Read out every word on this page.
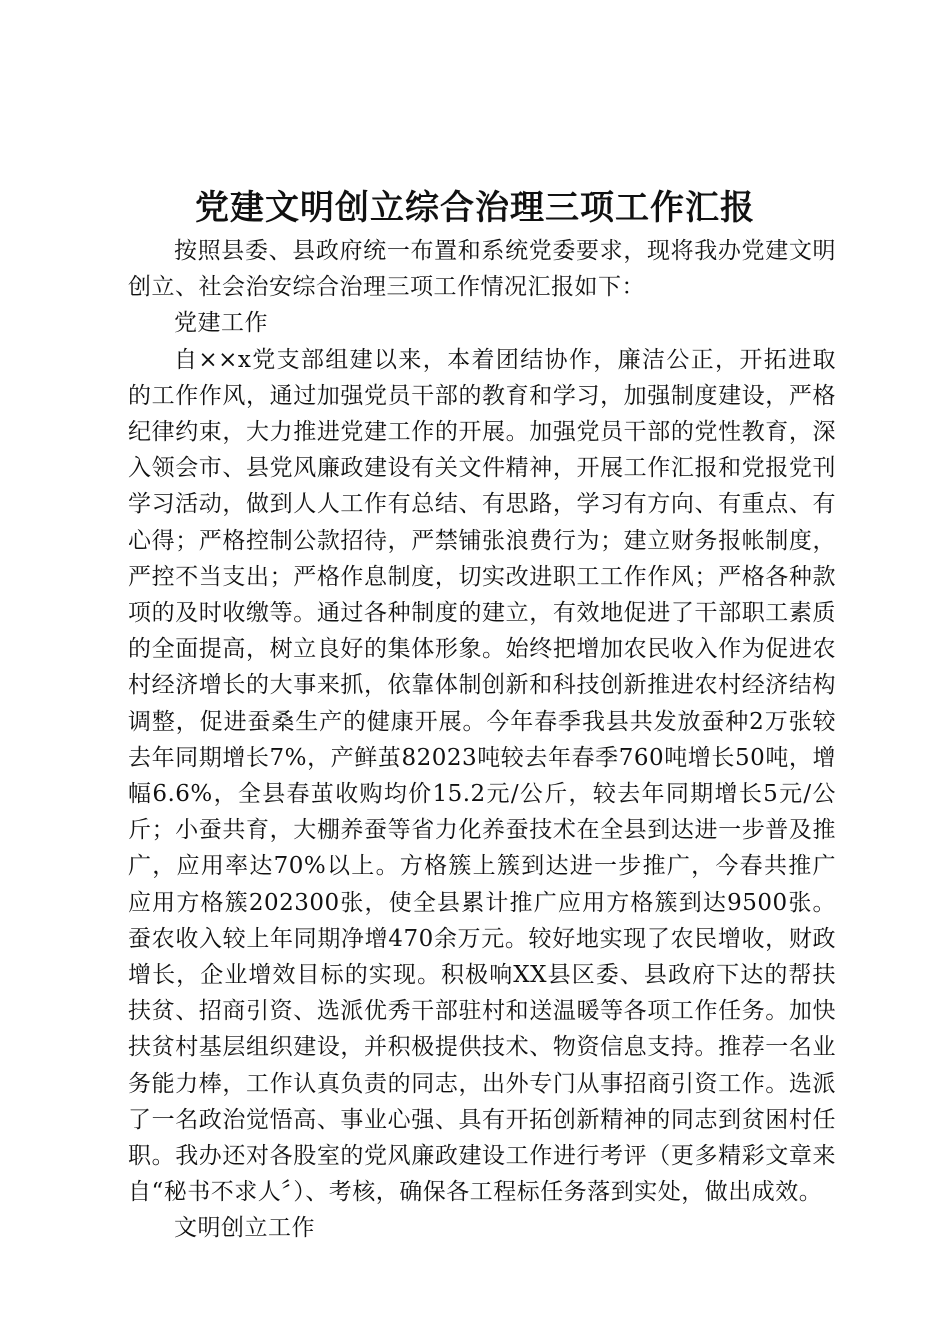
党建文明创立综合治理三项工作汇报

按照县委、县政府统一布置和系统党委要求，现将我办党建文明创立、社会治安综合治理三项工作情况汇报如下：

党建工作

自××x党支部组建以来，本着团结协作，廉洁公正，开拓进取的工作作风，通过加强党员干部的教育和学习，加强制度建设，严格纪律约束，大力推进党建工作的开展。加强党员干部的党性教育，深入领会市、县党风廉政建设有关文件精神，开展工作汇报和党报党刊学习活动，做到人人工作有总结、有思路，学习有方向、有重点、有心得；严格控制公款招待，严禁铺张浪费行为；建立财务报帐制度，严控不当支出；严格作息制度，切实改进职工工作作风；严格各种款项的及时收缴等。通过各种制度的建立，有效地促进了干部职工素质的全面提高，树立良好的集体形象。始终把增加农民收入作为促进农村经济增长的大事来抓，依靠体制创新和科技创新推进农村经济结构调整，促进蚕桑生产的健康开展。今年春季我县共发放蚕种2万张较去年同期增长7%，产鲜茧82023吨较去年春季760吨增长50吨，增幅6.6%，全县春茧收购均价15.2元/公斤，较去年同期增长5元/公斤；小蚕共育，大棚养蚕等省力化养蚕技术在全县到达进一步普及推广，应用率达70%以上。方格簇上簇到达进一步推广，今春共推广应用方格簇202300张，使全县累计推广应用方格簇到达9500张。蚕农收入较上年同期净增470余万元。较好地实现了农民增收，财政增长，企业增效目标的实现。积极响XX县区委、县政府下达的帮扶扶贫、招商引资、选派优秀干部驻村和送温暖等各项工作任务。加快扶贫村基层组织建设，并积极提供技术、物资信息支持。推荐一名业务能力棒，工作认真负责的同志，出外专门从事招商引资工作。选派了一名政治觉悟高、事业心强、具有开拓创新精神的同志到贫困村任职。我办还对各股室的党风廉政建设工作进行考评（更多精彩文章来自“秘书不求人〞）、考核，确保各工程标任务落到实处，做出成效。

文明创立工作
